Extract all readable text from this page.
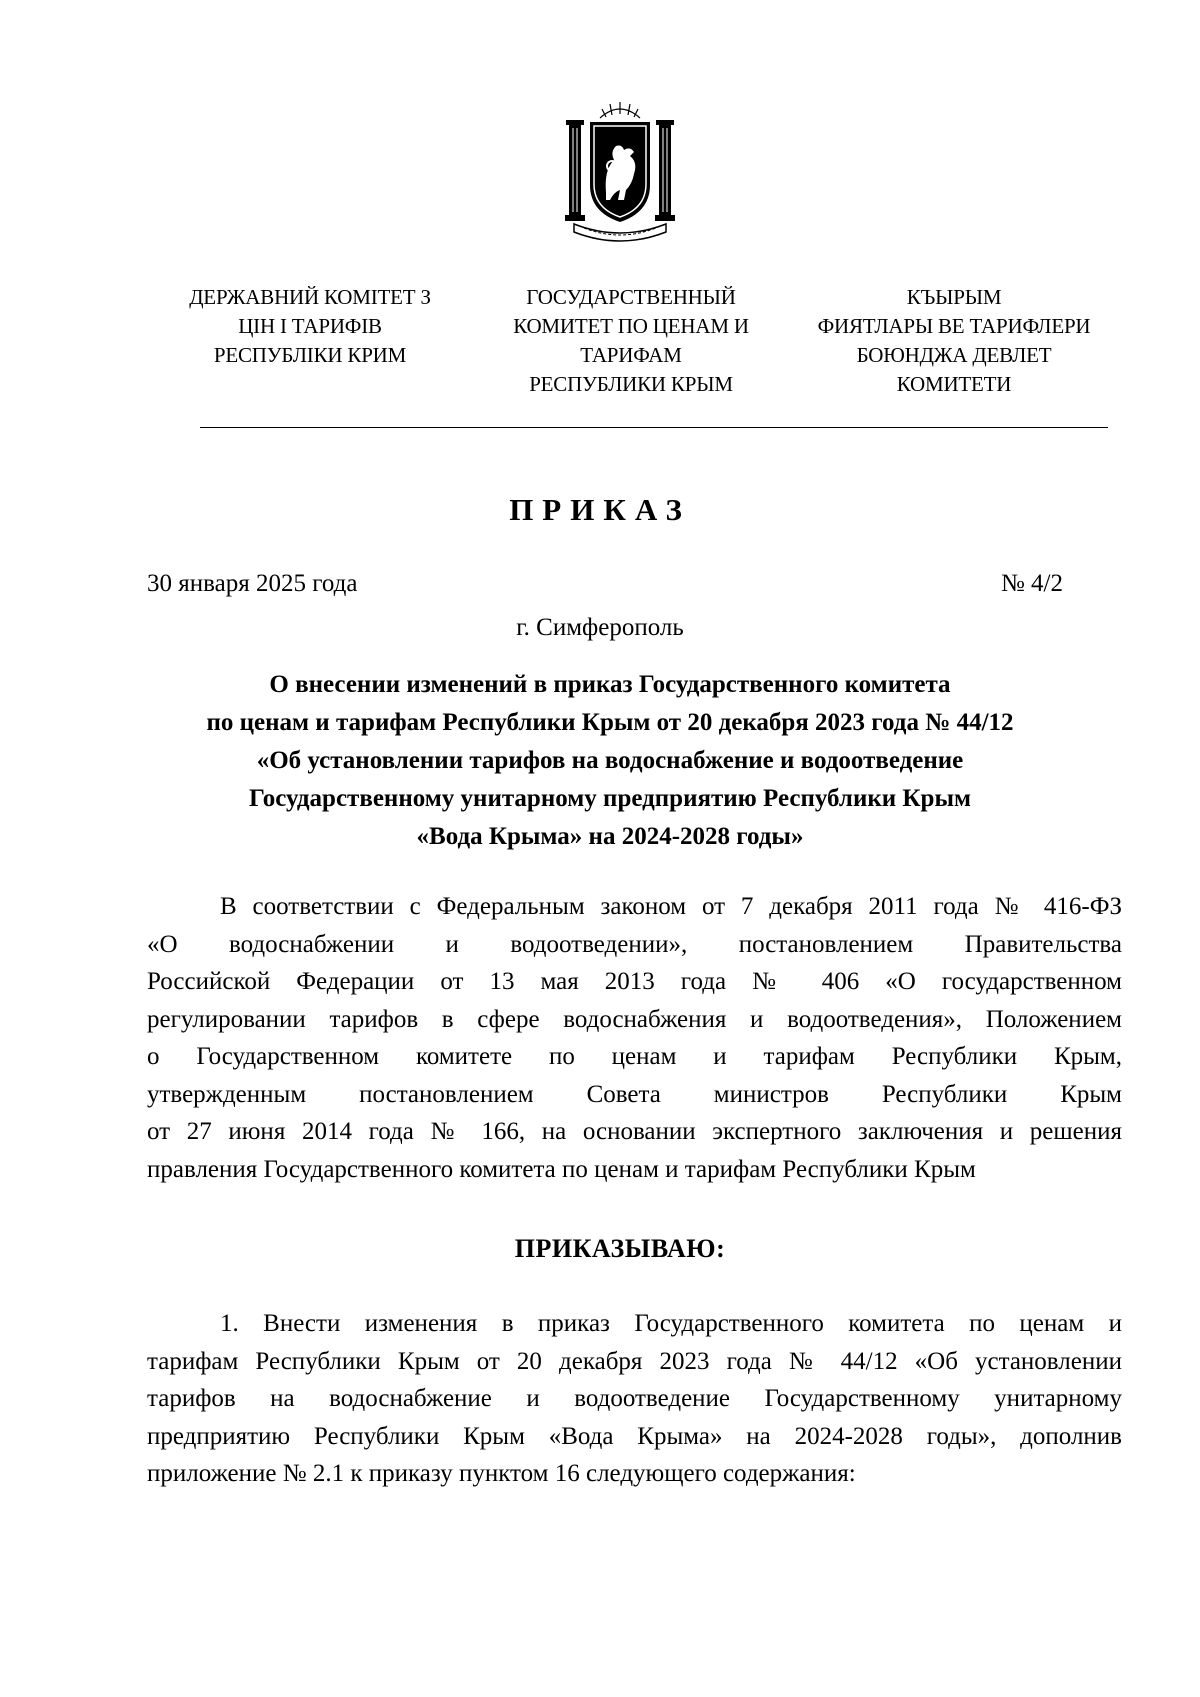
ДЕРЖАВНИЙ КОМІТЕТ З
ЦІН І ТАРИФІВ
РЕСПУБЛІКИ КРИМ
ГОСУДАРСТВЕННЫЙ
КОМИТЕТ ПО ЦЕНАМ И
ТАРИФАМ
РЕСПУБЛИКИ КРЫМ
КЪЫРЫМ
ФИЯТЛАРЫ ВЕ ТАРИФЛЕРИ
БОЮНДЖА ДЕВЛЕТ
КОМИТЕТИ
ПРИКАЗ
30 января 2025 года	№ 4/2
г. Симферополь
О внесении изменений в приказ Государственного комитета
по ценам и тарифам Республики Крым от 20 декабря 2023 года № 44/12
«Об установлении тарифов на водоснабжение и водоотведение
Государственному унитарному предприятию Республики Крым
«Вода Крыма» на 2024-2028 годы»
В соответствии с Федеральным законом от 7 декабря 2011 года № 416-ФЗ
«О водоснабжении и водоотведении», постановлением Правительства
Российской Федерации от 13 мая 2013 года № 406 «О государственном
регулировании тарифов в сфере водоснабжения и водоотведения», Положением
о Государственном комитете по ценам и тарифам Республики Крым,
утвержденным постановлением Совета министров Республики Крым
от 27 июня 2014 года № 166, на основании экспертного заключения и решения
правления Государственного комитета по ценам и тарифам Республики Крым
ПРИКАЗЫВАЮ:
1. Внести изменения в приказ Государственного комитета по ценам и
тарифам Республики Крым от 20 декабря 2023 года № 44/12 «Об установлении
тарифов на водоснабжение и водоотведение Государственному унитарному
предприятию Республики Крым «Вода Крыма» на 2024-2028 годы», дополнив
приложение № 2.1 к приказу пунктом 16 следующего содержания:
